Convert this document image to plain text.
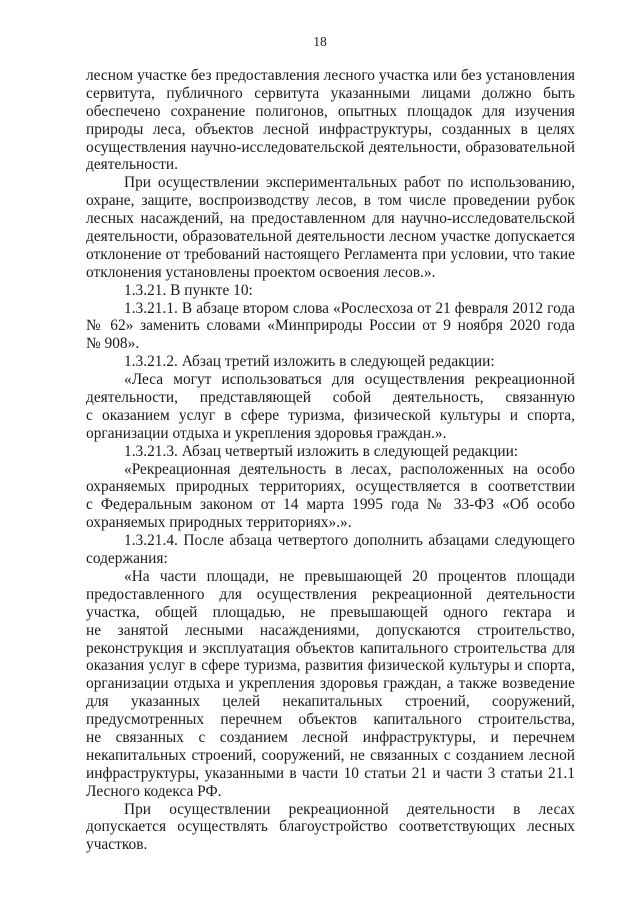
18
лесном участке без предоставления лесного участка или без установления
сервитута, публичного сервитута указанными лицами должно быть
обеспечено сохранение полигонов, опытных площадок для изучения
природы леса, объектов лесной инфраструктуры, созданных в целях
осуществления научно-исследовательской деятельности, образовательной
деятельности.
При осуществлении экспериментальных работ по использованию,
охране, защите, воспроизводству лесов, в том числе проведении рубок
лесных насаждений, на предоставленном для научно-исследовательской
деятельности, образовательной деятельности лесном участке допускается
отклонение от требований настоящего Регламента при условии, что такие
отклонения установлены проектом освоения лесов.».
1.3.21. В пункте 10:
1.3.21.1. В абзаце втором слова «Рослесхоза от 21 февраля 2012 года
№ 62» заменить словами «Минприроды России от 9 ноября 2020 года
№ 908».
1.3.21.2. Абзац третий изложить в следующей редакции:
«Леса могут использоваться для осуществления рекреационной
деятельности, представляющей собой деятельность, связанную
с оказанием услуг в сфере туризма, физической культуры и спорта,
организации отдыха и укрепления здоровья граждан.».
1.3.21.3. Абзац четвертый изложить в следующей редакции:
«Рекреационная деятельность в лесах, расположенных на особо
охраняемых природных территориях, осуществляется в соответствии
с Федеральным законом от 14 марта 1995 года № 33-ФЗ «Об особо
охраняемых природных территориях».».
1.3.21.4. После абзаца четвертого дополнить абзацами следующего
содержания:
«На части площади, не превышающей 20 процентов площади
предоставленного для осуществления рекреационной деятельности
участка, общей площадью, не превышающей одного гектара и
не занятой лесными насаждениями, допускаются строительство,
реконструкция и эксплуатация объектов капитального строительства для
оказания услуг в сфере туризма, развития физической культуры и спорта,
организации отдыха и укрепления здоровья граждан, а также возведение
для указанных целей некапитальных строений, сооружений,
предусмотренных перечнем объектов капитального строительства,
не связанных с созданием лесной инфраструктуры, и перечнем
некапитальных строений, сооружений, не связанных с созданием лесной
инфраструктуры, указанными в части 10 статьи 21 и части 3 статьи 21.1
Лесного кодекса РФ.
При осуществлении рекреационной деятельности в лесах
допускается осуществлять благоустройство соответствующих лесных
участков.
